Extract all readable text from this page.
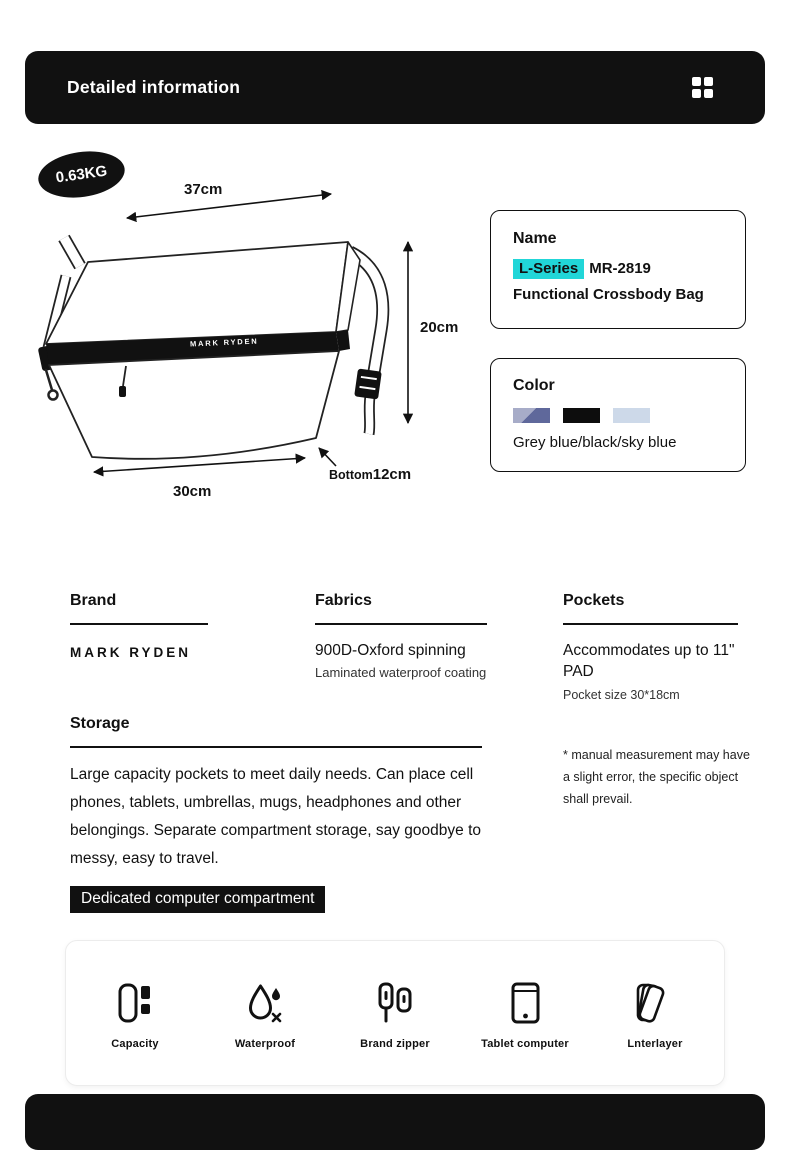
Detailed information
0.63KG
37cm
20cm
30cm
Bottom12cm
MARK RYDEN
Name

L-Series MR-2819

Functional Crossbody Bag

Color

Grey blue/black/sky blue

Brand

MARK RYDEN

Fabrics

900D-Oxford spinning

Laminated waterproof coating

Pockets

Accommodates up to 11" PAD

Pocket size 30*18cm

Storage

Large capacity pockets to meet daily needs. Can place cell phones, tablets, umbrellas, mugs, headphones and other belongings. Separate compartment storage, say goodbye to messy, easy to travel.

Dedicated computer compartment

* manual measurement may have a slight error, the specific object shall prevail.

Capacity	Waterproof	Brand zipper	Tablet computer	Lnterlayer
